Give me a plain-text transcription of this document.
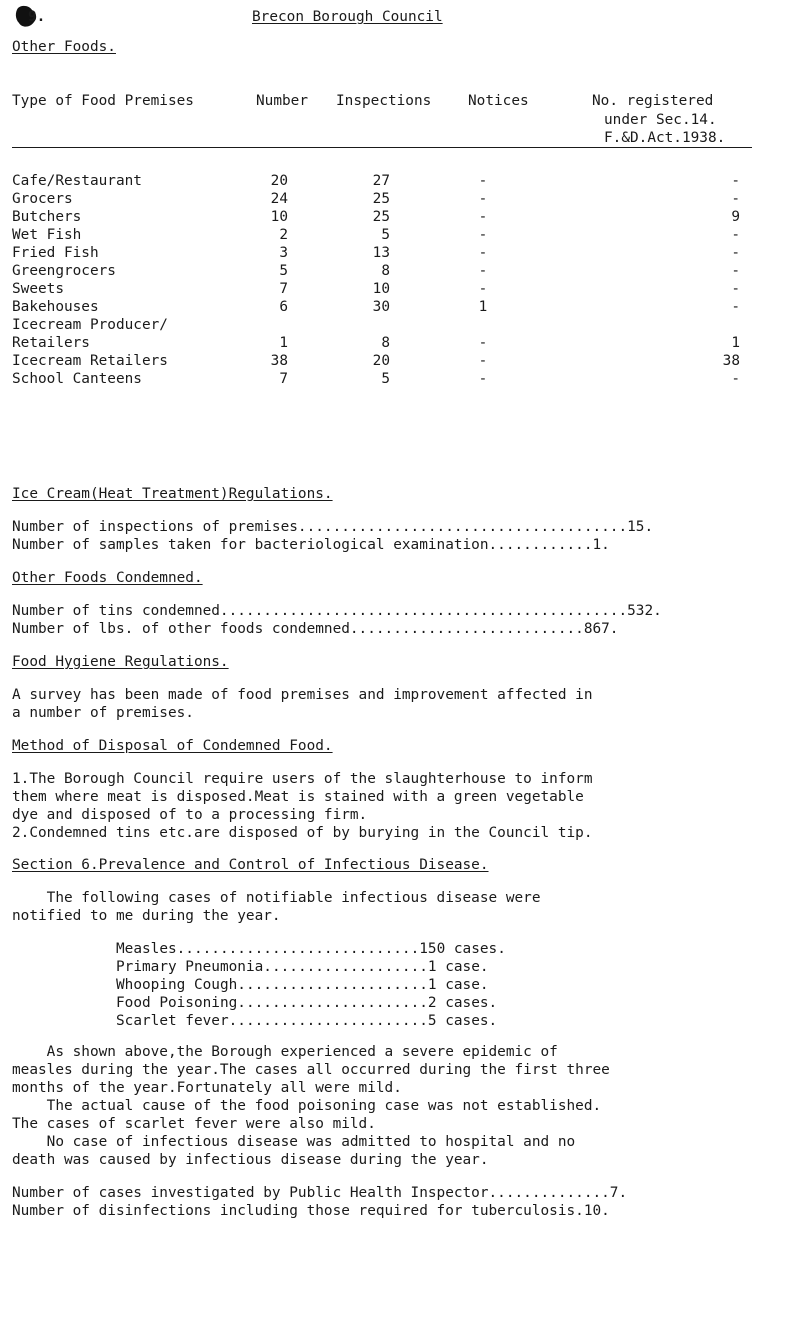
9.	Brecon Borough Council
Other Foods.
Type of Food Premises	Number Inspections	Notices	No. registered
under Sec.14.
F.&D.Act.1938.
Cafe/Restaurant	20	27	-	-
Grocers	24	25	-	-
Butchers	10	25	-	9
Wet Fish	2	5	-	-
Fried Fish	3	13	-	-
Greengrocers	5	8	-	-
Sweets	7	10	-	-
Bakehouses	6	30	1	-
Icecream Producer/
Retailers	1	8	-	1
Icecream Retailers	38	20	-	38
School Canteens	7	5	-	-
Ice Cream(Heat Treatment)Regulations.
Number of inspections of premises......................................15.
Number of samples taken for bacteriological examination............1.
Other Foods Condemned.
Number of tins condemned...............................................532.
Number of lbs. of other foods condemned...........................867.
Food Hygiene Regulations.
A survey has been made of food premises and improvement affected in
a number of premises.
Method of Disposal of Condemned Food.
1.The Borough Council require users of the slaughterhouse to inform
them where meat is disposed.Meat is stained with a green vegetable
dye and disposed of to a processing firm.
2.Condemned tins etc.are disposed of by burying in the Council tip.
Section 6.Prevalence and Control of Infectious Disease.
The following cases of notifiable infectious disease were
notified to me during the year.
Measles............................150 cases.
Primary Pneumonia...................1 case.
Whooping Cough......................1 case.
Food Poisoning......................2 cases.
Scarlet fever.......................5 cases.
As shown above,the Borough experienced a severe epidemic of
measles during the year.The cases all occurred during the first three
months of the year.Fortunately all were mild.
The actual cause of the food poisoning case was not established.
The cases of scarlet fever were also mild.
No case of infectious disease was admitted to hospital and no
death was caused by infectious disease during the year.
Number of cases investigated by Public Health Inspector..............7.
Number of disinfections including those required for tuberculosis.10.
